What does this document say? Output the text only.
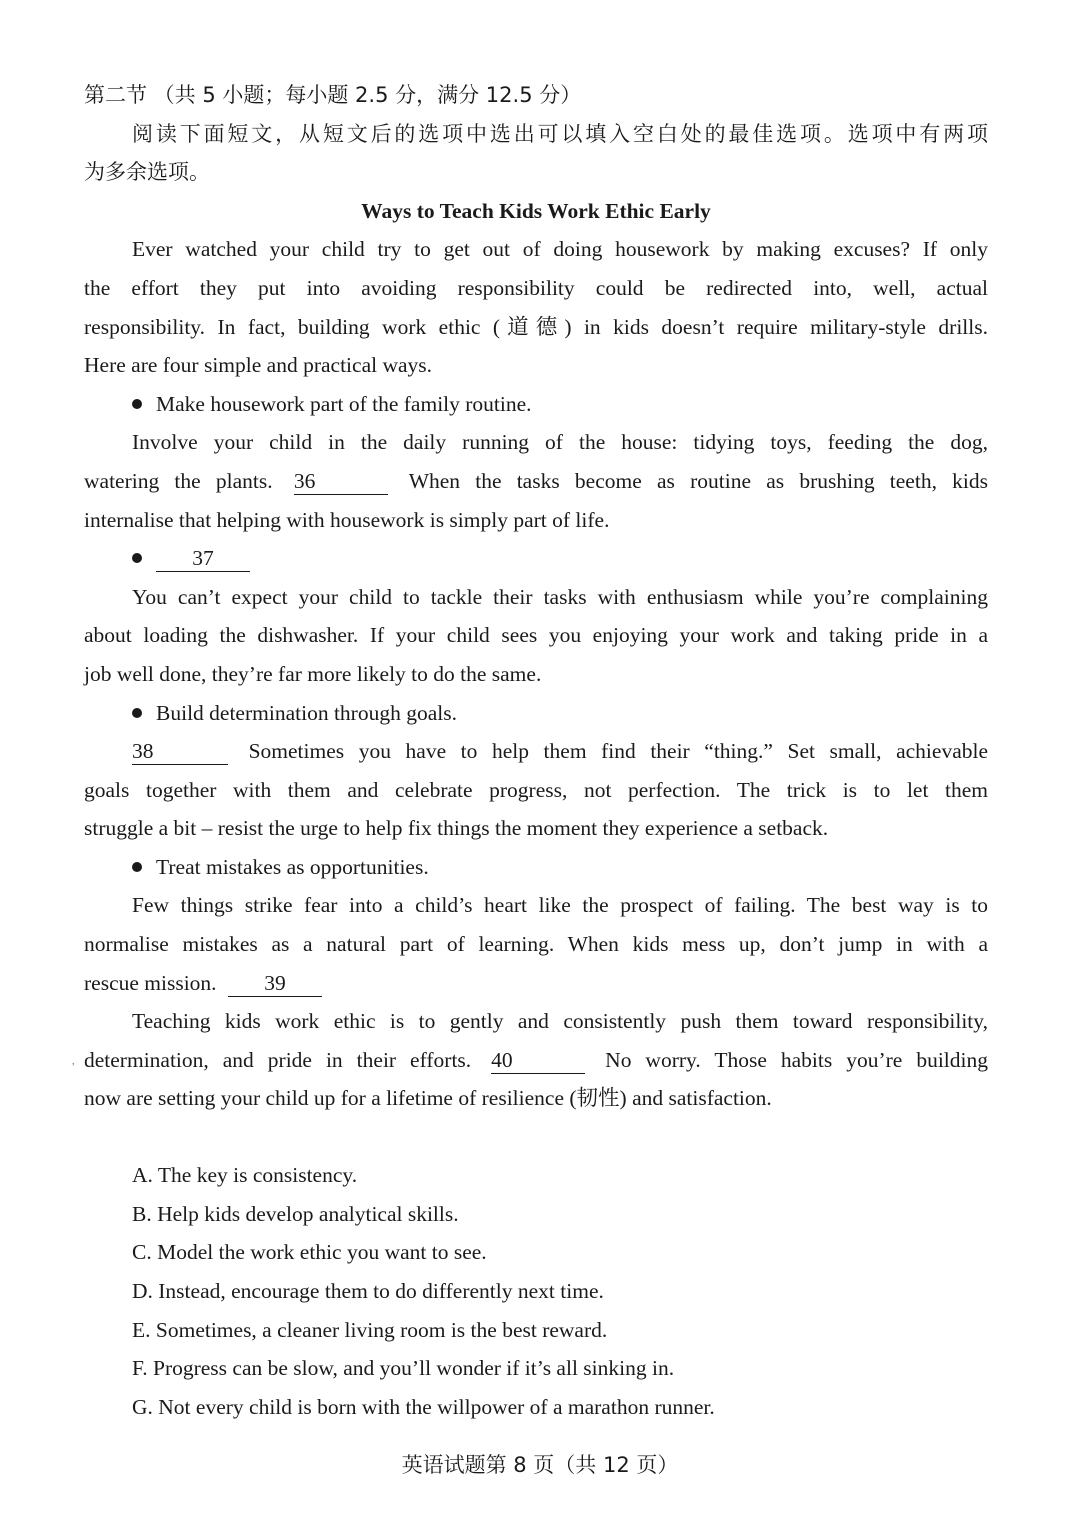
第二节 （共 5 小题；每小题 2.5 分，满分 12.5 分）
阅读下面短文，从短文后的选项中选出可以填入空白处的最佳选项。选项中有两项
为多余选项。
Ways to Teach Kids Work Ethic Early
Ever watched your child try to get out of doing housework by making excuses? If only
the effort they put into avoiding responsibility could be redirected into, well, actual
responsibility. In fact, building work ethic (道德) in kids doesn’t require military-style drills.
Here are four simple and practical ways.
Make housework part of the family routine.
Involve your child in the daily running of the house: tidying toys, feeding the dog,
watering the plants. 36	When the tasks become as routine as brushing teeth, kids
internalise that helping with housework is simply part of life.
37
You can’t expect your child to tackle their tasks with enthusiasm while you’re complaining
about loading the dishwasher. If your child sees you enjoying your work and taking pride in a
job well done, they’re far more likely to do the same.
Build determination through goals.
38	Sometimes you have to help them find their “thing.” Set small, achievable
goals together with them and celebrate progress, not perfection. The trick is to let them
struggle a bit – resist the urge to help fix things the moment they experience a setback.
Treat mistakes as opportunities.
Few things strike fear into a child’s heart like the prospect of failing. The best way is to
normalise mistakes as a natural part of learning. When kids mess up, don’t jump in with a
rescue mission. 39
Teaching kids work ethic is to gently and consistently push them toward responsibility,
determination, and pride in their efforts. 40	No worry. Those habits you’re building
now are setting your child up for a lifetime of resilience (韧性) and satisfaction.
A. The key is consistency.
B. Help kids develop analytical skills.
C. Model the work ethic you want to see.
D. Instead, encourage them to do differently next time.
E. Sometimes, a cleaner living room is the best reward.
F. Progress can be slow, and you’ll wonder if it’s all sinking in.
G. Not every child is born with the willpower of a marathon runner.
,
英语试题第 8 页（共 12 页）
